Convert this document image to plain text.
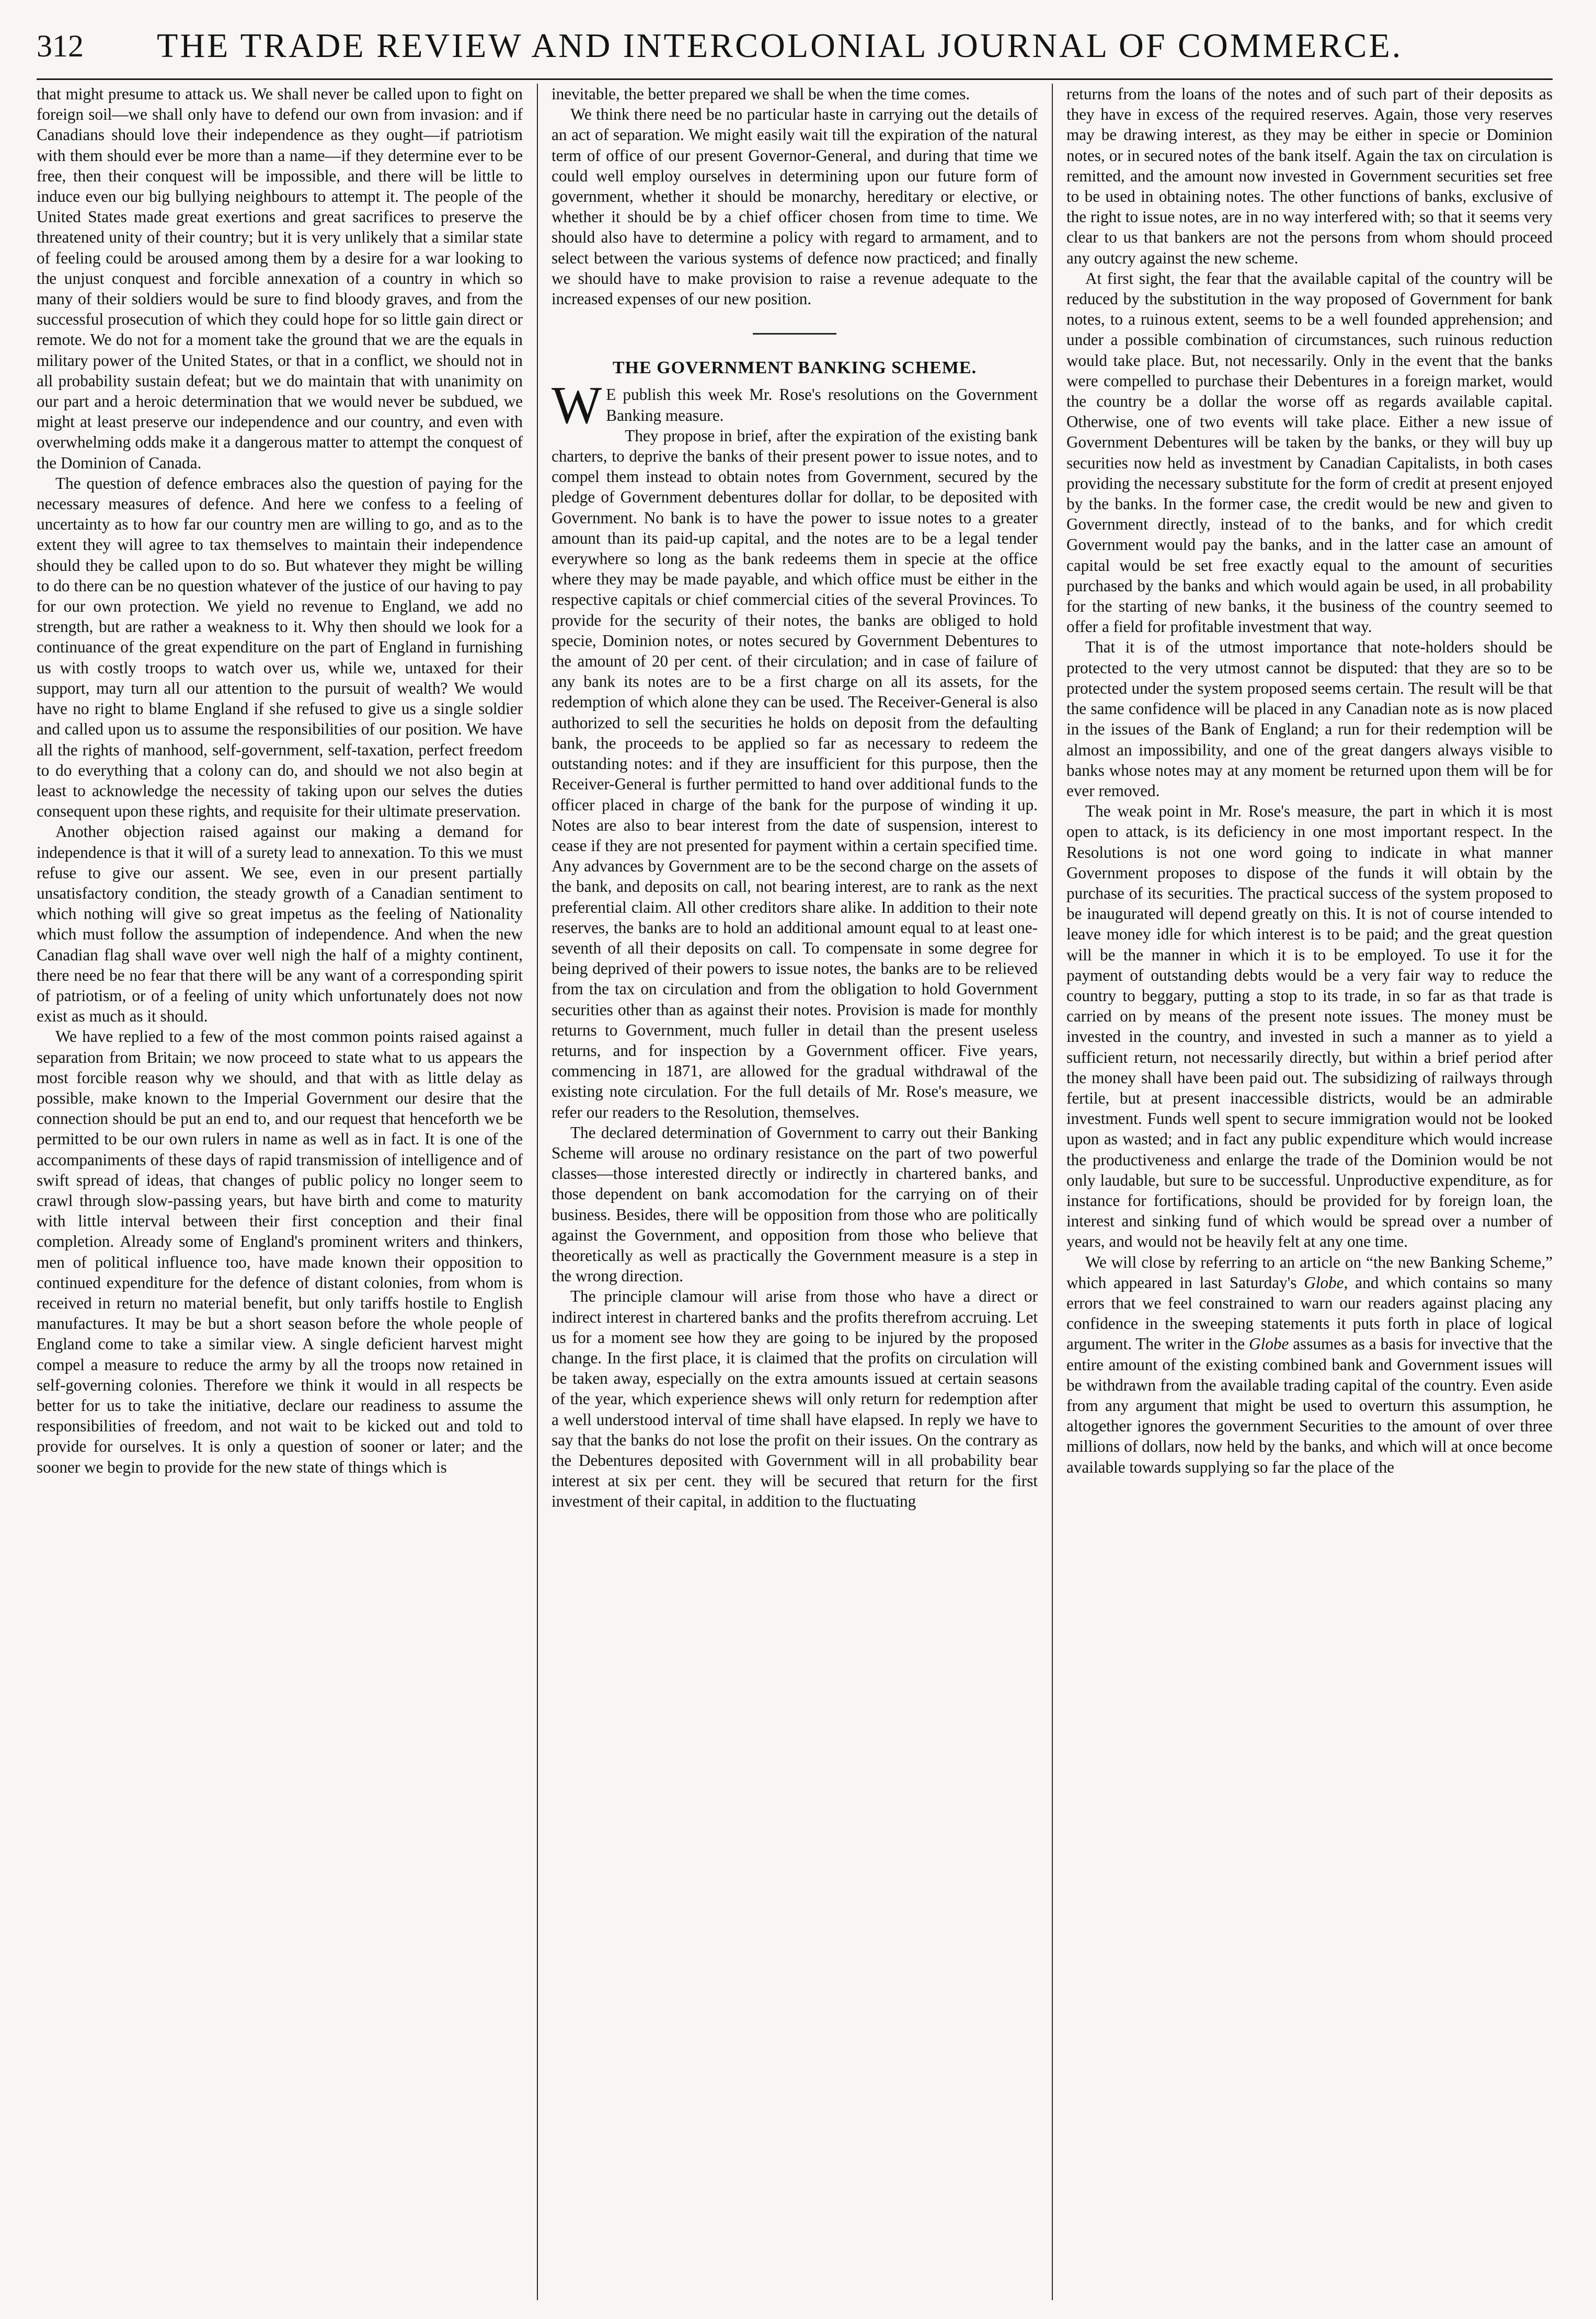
312 THE TRADE REVIEW AND INTERCOLONIAL JOURNAL OF COMMERCE.

that might presume to attack us. We shall never be called upon to fight on foreign soil—we shall only have to defend our own from invasion: and if Canadians should love their independence as they ought—if patriotism with them should ever be more than a name—if they determine ever to be free, then their conquest will be impossible, and there will be little to induce even our big bullying neighbours to attempt it. The people of the United States made great exertions and great sacrifices to preserve the threatened unity of their country; but it is very unlikely that a similar state of feeling could be aroused among them by a desire for a war looking to the unjust conquest and forcible annexation of a country in which so many of their soldiers would be sure to find bloody graves, and from the successful prosecution of which they could hope for so little gain direct or remote. We do not for a moment take the ground that we are the equals in military power of the United States, or that in a conflict, we should not in all probability sustain defeat; but we do maintain that with unanimity on our part and a heroic determination that we would never be subdued, we might at least preserve our independence and our country, and even with overwhelming odds make it a dangerous matter to attempt the conquest of the Dominion of Canada.

The question of defence embraces also the question of paying for the necessary measures of defence. And here we confess to a feeling of uncertainty as to how far our country men are willing to go, and as to the extent they will agree to tax themselves to maintain their independence should they be called upon to do so. But whatever they might be willing to do there can be no question whatever of the justice of our having to pay for our own protection. We yield no revenue to England, we add no strength, but are rather a weakness to it. Why then should we look for a continuance of the great expenditure on the part of England in furnishing us with costly troops to watch over us, while we, untaxed for their support, may turn all our attention to the pursuit of wealth? We would have no right to blame England if she refused to give us a single soldier and called upon us to assume the responsibilities of our position. We have all the rights of manhood, self-government, self-taxation, perfect freedom to do everything that a colony can do, and should we not also begin at least to acknowledge the necessity of taking upon our selves the duties consequent upon these rights, and requisite for their ultimate preservation.

Another objection raised against our making a demand for independence is that it will of a surety lead to annexation. To this we must refuse to give our assent. We see, even in our present partially unsatisfactory condition, the steady growth of a Canadian sentiment to which nothing will give so great impetus as the feeling of Nationality which must follow the assumption of independence. And when the new Canadian flag shall wave over well nigh the half of a mighty continent, there need be no fear that there will be any want of a corresponding spirit of patriotism, or of a feeling of unity which unfortunately does not now exist as much as it should.

We have replied to a few of the most common points raised against a separation from Britain; we now proceed to state what to us appears the most forcible reason why we should, and that with as little delay as possible, make known to the Imperial Government our desire that the connection should be put an end to, and our request that henceforth we be permitted to be our own rulers in name as well as in fact. It is one of the accompaniments of these days of rapid transmission of intelligence and of swift spread of ideas, that changes of public policy no longer seem to crawl through slow-passing years, but have birth and come to maturity with little interval between their first conception and their final completion. Already some of England's prominent writers and thinkers, men of political influence too, have made known their opposition to continued expenditure for the defence of distant colonies, from whom is received in return no material benefit, but only tariffs hostile to English manufactures. It may be but a short season before the whole people of England come to take a similar view. A single deficient harvest might compel a measure to reduce the army by all the troops now retained in self-governing colonies. Therefore we think it would in all respects be better for us to take the initiative, declare our readiness to assume the responsibilities of freedom, and not wait to be kicked out and told to provide for ourselves. It is only a question of sooner or later; and the sooner we begin to provide for the new state of things which is

inevitable, the better prepared we shall be when the time comes.

We think there need be no particular haste in carrying out the details of an act of separation. We might easily wait till the expiration of the natural term of office of our present Governor-General, and during that time we could well employ ourselves in determining upon our future form of government, whether it should be monarchy, hereditary or elective, or whether it should be by a chief officer chosen from time to time. We should also have to determine a policy with regard to armament, and to select between the various systems of defence now practiced; and finally we should have to make provision to raise a revenue adequate to the increased expenses of our new position.

THE GOVERNMENT BANKING SCHEME.

W E publish this week Mr. Rose's resolutions on the Government Banking measure.

They propose in brief, after the expiration of the existing bank charters, to deprive the banks of their present power to issue notes, and to compel them instead to obtain notes from Government, secured by the pledge of Government debentures dollar for dollar, to be deposited with Government. No bank is to have the power to issue notes to a greater amount than its paid-up capital, and the notes are to be a legal tender everywhere so long as the bank redeems them in specie at the office where they may be made payable, and which office must be either in the respective capitals or chief commercial cities of the several Provinces. To provide for the security of their notes, the banks are obliged to hold specie, Dominion notes, or notes secured by Government Debentures to the amount of 20 per cent. of their circulation; and in case of failure of any bank its notes are to be a first charge on all its assets, for the redemption of which alone they can be used. The Receiver-General is also authorized to sell the securities he holds on deposit from the defaulting bank, the proceeds to be applied so far as necessary to redeem the outstanding notes: and if they are insufficient for this purpose, then the Receiver-General is further permitted to hand over additional funds to the officer placed in charge of the bank for the purpose of winding it up. Notes are also to bear interest from the date of suspension, interest to cease if they are not presented for payment within a certain specified time. Any advances by Government are to be the second charge on the assets of the bank, and deposits on call, not bearing interest, are to rank as the next preferential claim. All other creditors share alike. In addition to their note reserves, the banks are to hold an additional amount equal to at least one-seventh of all their deposits on call. To compensate in some degree for being deprived of their powers to issue notes, the banks are to be relieved from the tax on circulation and from the obligation to hold Government securities other than as against their notes. Provision is made for monthly returns to Government, much fuller in detail than the present useless returns, and for inspection by a Government officer. Five years, commencing in 1871, are allowed for the gradual withdrawal of the existing note circulation. For the full details of Mr. Rose's measure, we refer our readers to the Resolution, themselves.

The declared determination of Government to carry out their Banking Scheme will arouse no ordinary resistance on the part of two powerful classes—those interested directly or indirectly in chartered banks, and those dependent on bank accomodation for the carrying on of their business. Besides, there will be opposition from those who are politically against the Government, and opposition from those who believe that theoretically as well as practically the Government measure is a step in the wrong direction.

The principle clamour will arise from those who have a direct or indirect interest in chartered banks and the profits therefrom accruing. Let us for a moment see how they are going to be injured by the proposed change. In the first place, it is claimed that the profits on circulation will be taken away, especially on the extra amounts issued at certain seasons of the year, which experience shews will only return for redemption after a well understood interval of time shall have elapsed. In reply we have to say that the banks do not lose the profit on their issues. On the contrary as the Debentures deposited with Government will in all probability bear interest at six per cent. they will be secured that return for the first investment of their capital, in addition to the fluctuating

returns from the loans of the notes and of such part of their deposits as they have in excess of the required reserves. Again, those very reserves may be drawing interest, as they may be either in specie or Dominion notes, or in secured notes of the bank itself. Again the tax on circulation is remitted, and the amount now invested in Government securities set free to be used in obtaining notes. The other functions of banks, exclusive of the right to issue notes, are in no way interfered with; so that it seems very clear to us that bankers are not the persons from whom should proceed any outcry against the new scheme.

At first sight, the fear that the available capital of the country will be reduced by the substitution in the way proposed of Government for bank notes, to a ruinous extent, seems to be a well founded apprehension; and under a possible combination of circumstances, such ruinous reduction would take place. But, not necessarily. Only in the event that the banks were compelled to purchase their Debentures in a foreign market, would the country be a dollar the worse off as regards available capital. Otherwise, one of two events will take place. Either a new issue of Government Debentures will be taken by the banks, or they will buy up securities now held as investment by Canadian Capitalists, in both cases providing the necessary substitute for the form of credit at present enjoyed by the banks. In the former case, the credit would be new and given to Government directly, instead of to the banks, and for which credit Government would pay the banks, and in the latter case an amount of capital would be set free exactly equal to the amount of securities purchased by the banks and which would again be used, in all probability for the starting of new banks, it the business of the country seemed to offer a field for profitable investment that way.

That it is of the utmost importance that note-holders should be protected to the very utmost cannot be disputed: that they are so to be protected under the system proposed seems certain. The result will be that the same confidence will be placed in any Canadian note as is now placed in the issues of the Bank of England; a run for their redemption will be almost an impossibility, and one of the great dangers always visible to banks whose notes may at any moment be returned upon them will be for ever removed.

The weak point in Mr. Rose's measure, the part in which it is most open to attack, is its deficiency in one most important respect. In the Resolutions is not one word going to indicate in what manner Government proposes to dispose of the funds it will obtain by the purchase of its securities. The practical success of the system proposed to be inaugurated will depend greatly on this. It is not of course intended to leave money idle for which interest is to be paid; and the great question will be the manner in which it is to be employed. To use it for the payment of outstanding debts would be a very fair way to reduce the country to beggary, putting a stop to its trade, in so far as that trade is carried on by means of the present note issues. The money must be invested in the country, and invested in such a manner as to yield a sufficient return, not necessarily directly, but within a brief period after the money shall have been paid out. The subsidizing of railways through fertile, but at present inaccessible districts, would be an admirable investment. Funds well spent to secure immigration would not be looked upon as wasted; and in fact any public expenditure which would increase the productiveness and enlarge the trade of the Dominion would be not only laudable, but sure to be successful. Unproductive expenditure, as for instance for fortifications, should be provided for by foreign loan, the interest and sinking fund of which would be spread over a number of years, and would not be heavily felt at any one time.

We will close by referring to an article on “the new Banking Scheme,” which appeared in last Saturday's Globe, and which contains so many errors that we feel constrained to warn our readers against placing any confidence in the sweeping statements it puts forth in place of logical argument. The writer in the Globe assumes as a basis for invective that the entire amount of the existing combined bank and Government issues will be withdrawn from the available trading capital of the country. Even aside from any argument that might be used to overturn this assumption, he altogether ignores the government Securities to the amount of over three millions of dollars, now held by the banks, and which will at once become available towards supplying so far the place of the
